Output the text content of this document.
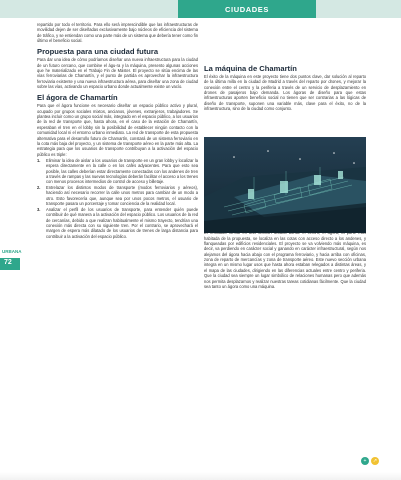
CIUDADES
URBANA
72
repartido por todo el territorio. Para ello será imprescindible que las infraestructuras de movilidad dejen de ser diseñadas exclusivamente bajo núcleos de eficiencia del sistema de tráfico, y se entiendan como una parte más de un sistema que debería tener como fin último el beneficio social.
Propuesta para una ciudad futura
Para dar una idea de cómo podríamos diseñar una nueva infraestructura para la ciudad de un futuro cercano, que combine el águ-ra y la máquina, presento algunas acciones que he materializado en el Trabajo Fin de Máster. El proyecto se sitúa encima de las vías ferroviarias de Chamartín, y el punto de partida es aprovechar la infraestructura ferroviaria existente y una nueva infraestructura aérea, para diseñar una zona de ciudad sobre las vías, activando un espacio urbano donde actualmente existe un vacío.
El ágora de Chamartín
Para que el ágora funcione es necesario diseñar un espacio público activo y plural, ocupado por grupos sociales mixtos, ancianos, jóvenes, extranjeros, trabajadores. Se plantea incluir como un grupo social más, integrado en el espacio público, a los usuarios de la red de transporte que, hasta ahora, en el caso de la estación de Chamartín, esperaban el tren en el lobby sin la posibilidad de establecer ningún contacto con la comunidad local ni el entorno urbano inmediato. La red de transporte de esta propuesta alternativa para el desarrollo futuro de Chamartín, constará de un sistema ferroviario en la cota más baja del proyecto, y un sistema de transporte aéreo en la parte más alta. La estrategia para que los usuarios de transporte contribuyan a la activación del espacio público es triple:
1.	Eliminar la idea de aislar a los usuarios de transporte en un gran lobby y localizar la espera directamente en la calle o en los cafés adyacentes. Para que esto sea posible, las calles deberían estar directamente conectadas con los andenes de tren a través de rampas y las nuevas tecnologías deberán facilitar el acceso a los trenes con menos procesos intermedios de control de acceso y billetaje.
2.	Entrelazar los distintos modos de transporte (modos ferroviarios y aéreos), haciendo así necesario recorrer la calle unos metros para cambiar de un modo a otro. Esto favorecería que, aunque sea por unos pocos metros, el usuario de transporte pasara un porcentaje y tomar conciencia de la realidad local.
3.	Analizar el perfil de los usuarios de transporte, para entender quién puede contribuir de qué manera a la activación del espacio público. Los usuarios de la red de cercanías, debido a que realizan habitualmente el mismo trayecto, tendrían una conexión más directa con su siguiente tren. Por el contrario, se aprovechará el margen de espera más dilatado de los usuarios de trenes de larga distancia para contribuir a la activación del espacio público.
La máquina de Chamartín
El éxito de la máquina en este proyecto tiene dos puntos clave, dar solución al reparto de la última milla en la ciudad de Madrid a través del reparto por drones, y mejorar la conexión entre el centro y la periferia a través de un servicio de desplazamiento en drones de pasajeros bajo demanda. Los ágoras de diseño para que estas infraestructuras aporten beneficio social no tienen que ser contrarias a las lógicas de diseño de transporte, suponen una variable más, clave para el éxito, no de la infraestructura, sino de la ciudad como conjunto.
habitada de la propuesta, se localiza en las cotas con acceso directo a los andenes, y flanqueadas por edificios residenciales. El proyecto se va volviendo más máquina, es decir, va perdiendo en carácter social y ganando en carácter infraestructural, según nos alejamos del ágora hacia abajo con el programa ferroviario, y hacia arriba con oficinas, zona de reparto de mercancías y zona de transporte aéreo. Este nuevo sección urbana integra en un mismo lugar usos que hasta ahora estaban relegados a distintas áreas, y el mapa de las ciudades, dirigiendo en las diferencias actuales entre centro y periferia. Que la ciudad sea siempre un lugar simbólico de relaciones humanas pero que además nos permita desplazarnos y realizar nuestras tareas cotidianas fácilmente. Que la ciudad sea tanto un ágora como una máquina.
+	↗
